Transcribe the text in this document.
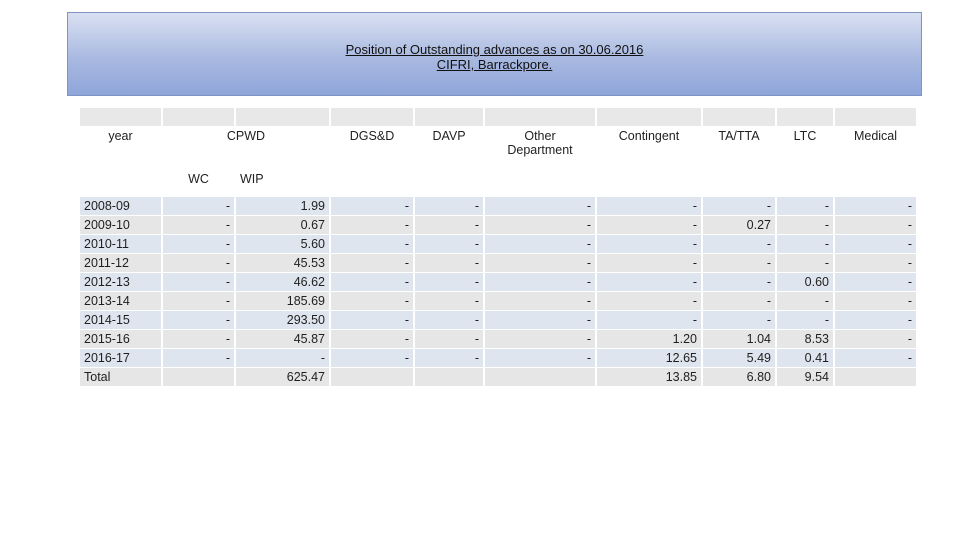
Position of Outstanding advances as on 30.06.2016
CIFRI, Barrackpore.

year	CPWD		DGS&D	DAVP	Other
Department	Contingent	TA/TTA	LTC	Medical
	WC	WIP							
2008-09	-	1.99	-	-	-	-	-	-	-
2009-10	-	0.67	-	-	-	-	0.27	-	-
2010-11	-	5.60	-	-	-	-	-	-	-
2011-12	-	45.53	-	-	-	-	-	-	-
2012-13	-	46.62	-	-	-	-	-	0.60	-
2013-14	-	185.69	-	-	-	-	-	-	-
2014-15	-	293.50	-	-	-	-	-	-	-
2015-16	-	45.87	-	-	-	1.20	1.04	8.53	-
2016-17	-	-	-	-	-	12.65	5.49	0.41	-
Total		625.47				13.85	6.80	9.54	
